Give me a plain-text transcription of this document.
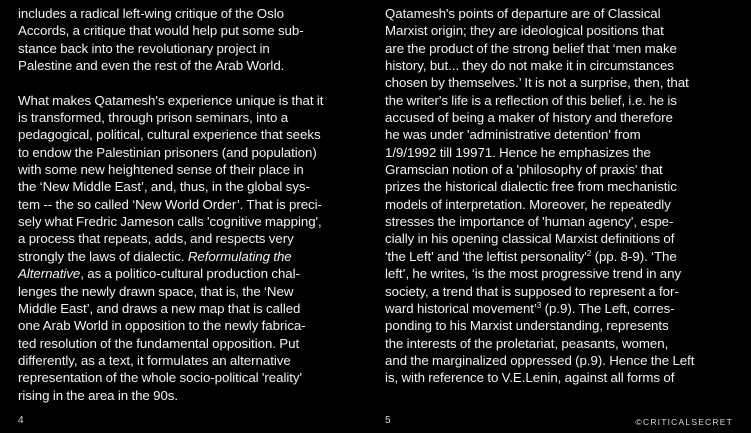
includes a radical left-wing critique of the Oslo
Accords, a critique that would help put some sub-
stance back into the revolutionary project in
Palestine and even the rest of the Arab World.
What makes Qatamesh's experience unique is that it
is transformed, through prison seminars, into a
pedagogical, political, cultural experience that seeks
to endow the Palestinian prisoners (and population)
with some new heightened sense of their place in
the ‘New Middle East’, and, thus, in the global sys-
tem -- the so called ‘New World Order’. That is preci-
sely what Fredric Jameson calls 'cognitive mapping',
a process that repeats, adds, and respects very
strongly the laws of dialectic. Reformulating the
Alternative, as a politico-cultural production chal-
lenges the newly drawn space, that is, the ‘New
Middle East’, and draws a new map that is called
one Arab World in opposition to the newly fabrica-
ted resolution of the fundamental opposition. Put
differently, as a text, it formulates an alternative
representation of the whole socio-political 'reality'
rising in the area in the 90s.
4
Qatamesh's points of departure are of Classical
Marxist origin; they are ideological positions that
are the product of the strong belief that ‘men make
history, but... they do not make it in circumstances
chosen by themselves.’ It is not a surprise, then, that
the writer's life is a reflection of this belief, i.e. he is
accused of being a maker of history and therefore
he was under 'administrative detention' from
1/9/1992 till 19971. Hence he emphasizes the
Gramscian notion of a 'philosophy of praxis' that
prizes the historical dialectic free from mechanistic
models of interpretation. Moreover, he repeatedly
stresses the importance of 'human agency', espe-
cially in his opening classical Marxist definitions of
'the Left' and 'the leftist $personality'^2$ (pp. 8-9). ‘The
left’, he writes, ‘is the most progressive trend in any
society, a trend that is supposed to represent a for-
ward historical movement’$^3$ (p.9). The Left, corres-
ponding to his Marxist understanding, represents
the interests of the proletariat, peasants, women,
and the marginalized oppressed (p.9). Hence the Left
is, with reference to V.E.Lenin, against all forms of
5	©CRITICALSECRET
